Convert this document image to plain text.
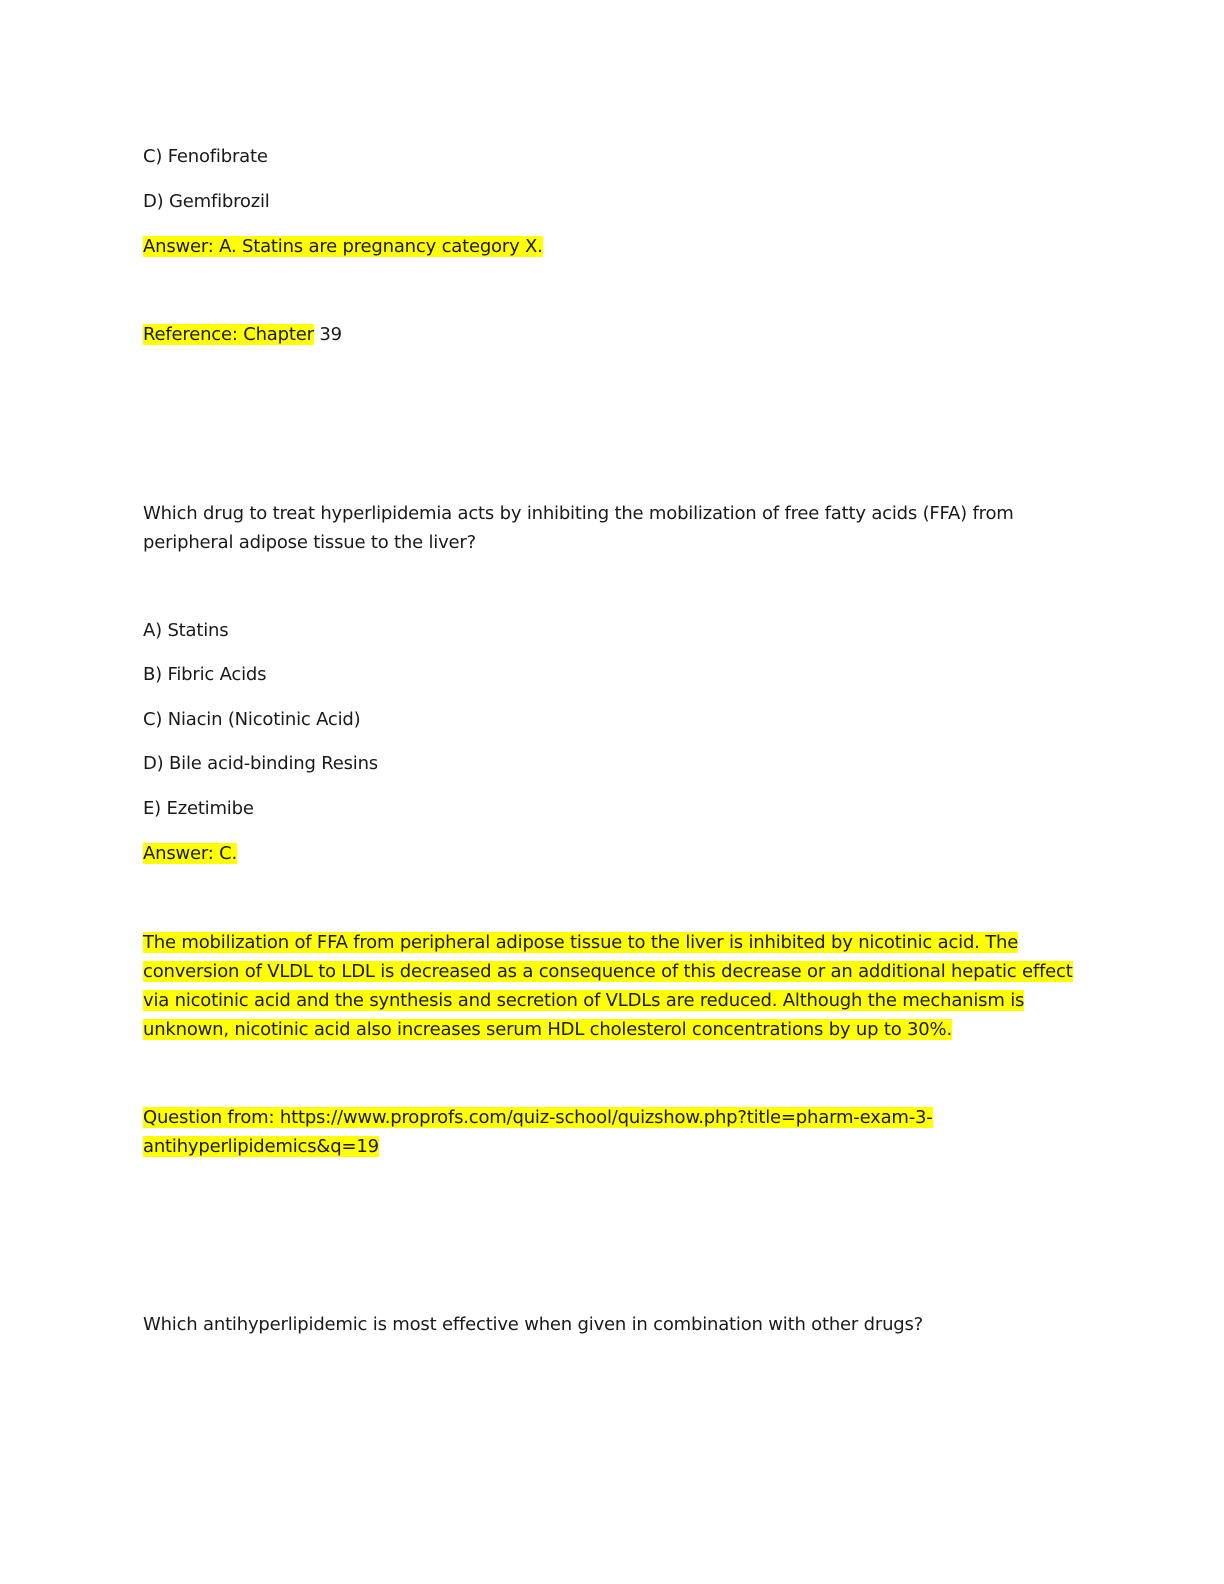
C) Fenofibrate
D) Gemfibrozil
Answer: A. Statins are pregnancy category X.
Reference: Chapter 39
Which drug to treat hyperlipidemia acts by inhibiting the mobilization of free fatty acids (FFA) from
peripheral adipose tissue to the liver?
A) Statins
B) Fibric Acids
C) Niacin (Nicotinic Acid)
D) Bile acid-binding Resins
E) Ezetimibe
Answer: C.
The mobilization of FFA from peripheral adipose tissue to the liver is inhibited by nicotinic acid. The
conversion of VLDL to LDL is decreased as a consequence of this decrease or an additional hepatic effect
via nicotinic acid and the synthesis and secretion of VLDLs are reduced. Although the mechanism is
unknown, nicotinic acid also increases serum HDL cholesterol concentrations by up to 30%.
Question from: https://www.proprofs.com/quiz-school/quizshow.php?title=pharm-exam-3-
antihyperlipidemics&q=19
Which antihyperlipidemic is most effective when given in combination with other drugs?
